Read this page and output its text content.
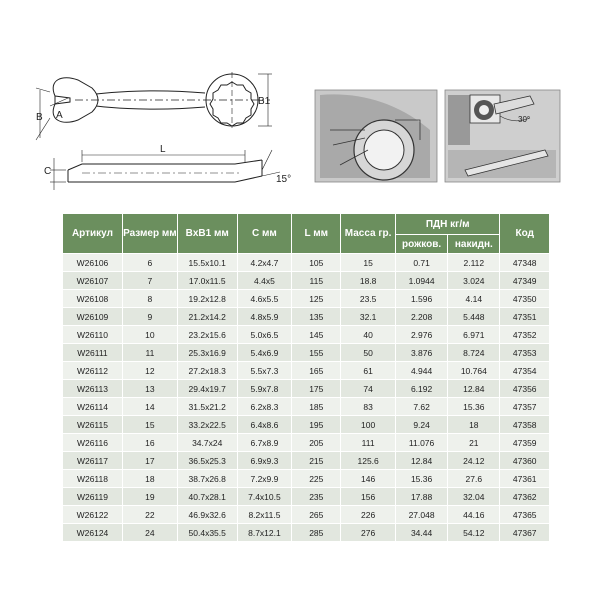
B A
B1
L
C
15°
30°
Артикул	Размер мм	BxB1 мм	C мм	L мм	Масса гр.	ПДН кг/м		Код
						рожков.	накидн.	
W26106	6	15.5x10.1	4.2x4.7	105	15	0.71	2.112	47348
W26107	7	17.0x11.5	4.4x5	115	18.8	1.0944	3.024	47349
W26108	8	19.2x12.8	4.6x5.5	125	23.5	1.596	4.14	47350
W26109	9	21.2x14.2	4.8x5.9	135	32.1	2.208	5.448	47351
W26110	10	23.2x15.6	5.0x6.5	145	40	2.976	6.971	47352
W26111	11	25.3x16.9	5.4x6.9	155	50	3.876	8.724	47353
W26112	12	27.2x18.3	5.5x7.3	165	61	4.944	10.764	47354
W26113	13	29.4x19.7	5.9x7.8	175	74	6.192	12.84	47356
W26114	14	31.5x21.2	6.2x8.3	185	83	7.62	15.36	47357
W26115	15	33.2x22.5	6.4x8.6	195	100	9.24	18	47358
W26116	16	34.7x24	6.7x8.9	205	111	11.076	21	47359
W26117	17	36.5x25.3	6.9x9.3	215	125.6	12.84	24.12	47360
W26118	18	38.7x26.8	7.2x9.9	225	146	15.36	27.6	47361
W26119	19	40.7x28.1	7.4x10.5	235	156	17.88	32.04	47362
W26122	22	46.9x32.6	8.2x11.5	265	226	27.048	44.16	47365
W26124	24	50.4x35.5	8.7x12.1	285	276	34.44	54.12	47367
